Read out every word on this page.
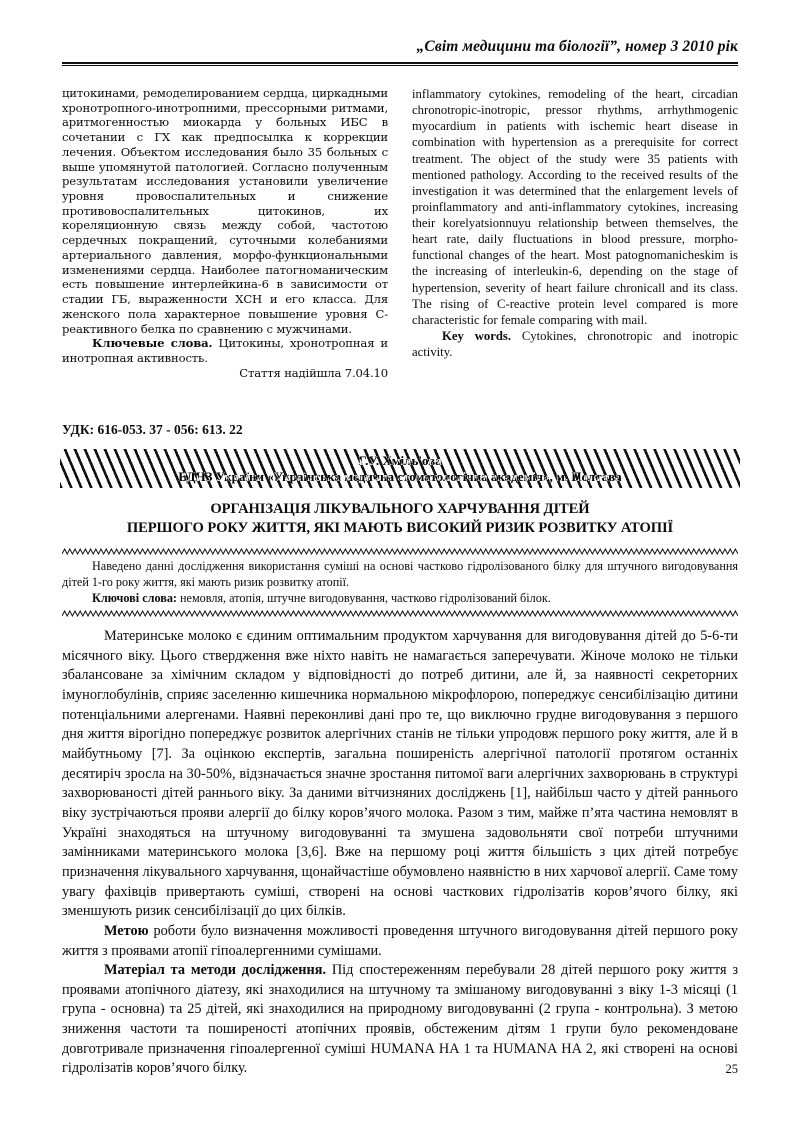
„Світ медицини та біології”, номер 3 2010 рік

цитокинами, ремоделированием сердца, циркадными хронотропного-инотропними, прессорными ритмами, аритмогенностью миокарда у больных ИБС в сочетании с ГХ как предпосылка к коррекции лечения. Объектом исследования было 35 больных с выше упомянутой патологией. Согласно полученным результатам исследования установили увеличение уровня провоспалительных и снижение противовоспалительных цитокинов, их кореляционную связь между собой, частотою сердечных покращений, суточными колебаниями артериального давления, морфо-функциональными изменениями сердца. Наиболее патогноманическим есть повышение интерлейкина-6 в зависимости от стадии ГБ, выраженности ХСН и его класса. Для женского пола характерное повышение уровня С-реактивного белка по сравнению с мужчинами.

Ключевые слова. Цитокины, хронотропная и инотропная активность.

Стаття надійшла 7.04.10

inflammatory cytokines, remodeling of the heart, circadian chronotropic-inotropic, pressor rhythms, arrhythmogenic myocardium in patients with ischemic heart disease in combination with hypertension as a prerequisite for correct treatment. The object of the study were 35 patients with mentioned pathology. According to the received results of the investigation it was determined that the enlargement levels of proinflammatory and anti-inflammatory cytokines, increasing their korelyatsionnuyu relationship between themselves, the heart rate, daily fluctuations in blood pressure, morpho-functional changes of the heart. Most patognomanicheskim is the increasing of interleukin-6, depending on the stage of hypertension, severity of heart failure chronicall and its class. The rising of C-reactive protein level compared is more characteristic for female comparing with mail.

Key words. Cytokines, chronotropic and inotropic activity.

УДК: 616-053. 37 - 056: 613. 22
Г.У. Хміль'ова
ВДНЗ України «Українська медична стоматологічна академія», м. Полтава
ОРГАНІЗАЦІЯ ЛІКУВАЛЬНОГО ХАРЧУВАННЯ ДІТЕЙ
ПЕРШОГО РОКУ ЖИТТЯ, ЯКІ МАЮТЬ ВИСОКИЙ РИЗИК РОЗВИТКУ АТОПІЇ

Наведено данні дослідження використання суміші на основі частково гідролізованого білку для штучного вигодовування дітей 1-го року життя, які мають ризик розвитку атопії.

Ключові слова: немовля, атопія, штучне вигодовування, частково гідролізований білок.

Материнське молоко є єдиним оптимальним продуктом харчування для вигодовування дітей до 5-6-ти місячного віку. Цього ствердження вже ніхто навіть не намагається заперечувати. Жіноче молоко не тільки збалансоване за хімічним складом у відповідності до потреб дитини, але й, за наявності секреторних імуноглобулінів, сприяє заселенню кишечника нормальною мікрофлорою, попереджує сенсибілізацію дитини потенціальними алергенами. Наявні переконливі дані про те, що виключно грудне вигодовування з першого дня життя вірогідно попереджує розвиток алергічних станів не тільки упродовж першого року життя, але й в майбутньому [7]. За оцінкою експертів, загальна поширеність алергічної патології протягом останніх десятиріч зросла на 30-50%, відзначається значне зростання питомої ваги алергічних захворювань в структурі захворюваності дітей раннього віку. За даними вітчизняних досліджень [1], найбільш часто у дітей раннього віку зустрічаються прояви алергії до білку коров’ячого молока. Разом з тим, майже п’ята частина немовлят в Україні знаходяться на штучному вигодовуванні та змушена задовольняти свої потреби штучними замінниками материнського молока [3,6]. Вже на першому році життя більшість з цих дітей потребує призначення лікувального харчування, щонайчастіше обумовлено наявністю в них харчової алергії. Саме тому увагу фахівців привертають суміші, створені на основі часткових гідролізатів коров’ячого білку, які зменшують ризик сенсибілізації до цих білків.

Метою роботи було визначення можливості проведення штучного вигодовування дітей першого року життя з проявами атопії гіпоалергенними сумішами.

Матеріал та методи дослідження. Під спостереженням перебували 28 дітей першого року життя з проявами атопічного діатезу, які знаходилися на штучному та змішаному вигодовуванні з віку 1-3 місяці (1 група - основна) та 25 дітей, які знаходилися на природному вигодовуванні (2 група - контрольна). З метою зниження частоти та поширеності атопічних проявів, обстеженим дітям 1 групи було рекомендоване довготривале призначення гіпоалергенної суміші HUMANA HA 1 та HUMANA HA 2, які створені на основі гідролізатів коров’ячого білку.	25
